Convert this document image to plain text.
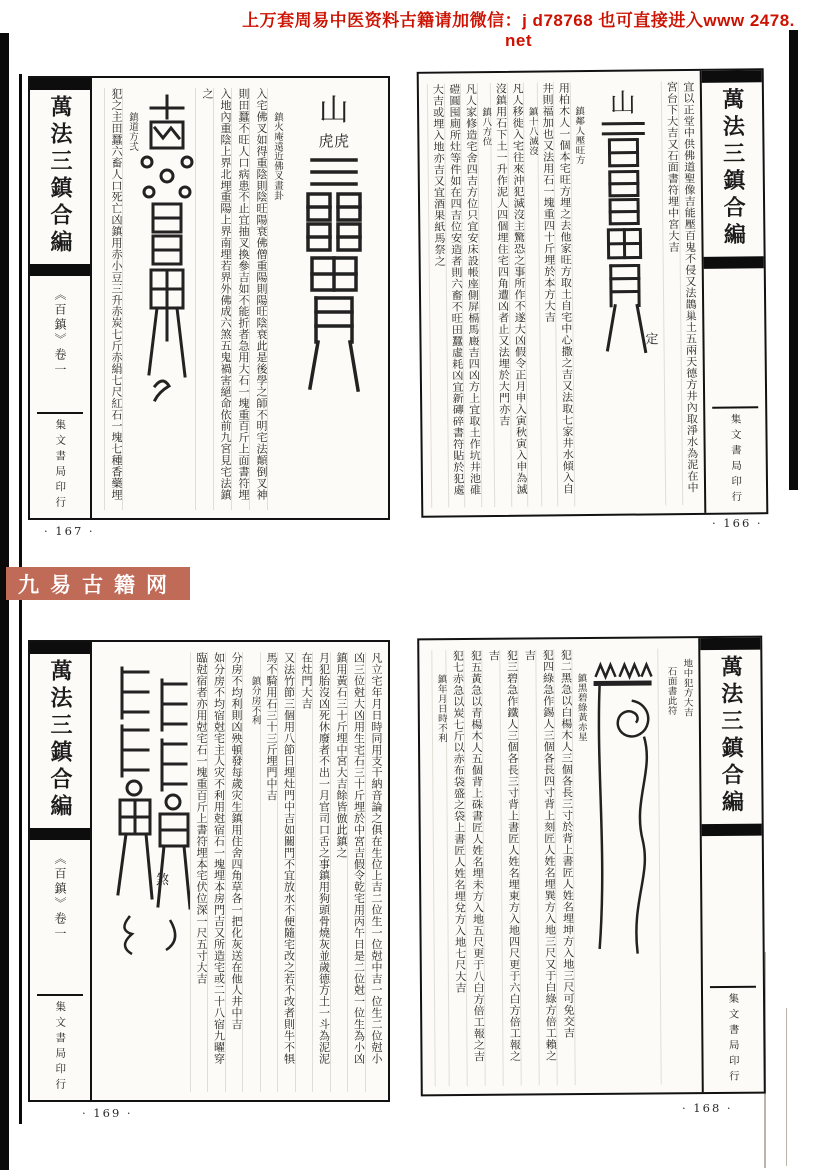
上万套周易中医资料古籍请加微信：j d78768 也可直接进入www 2478. net
九易古籍网
萬法三鎮合編
《百鎮》卷一
集文書局印行
山
虎虎
鎮火庵遠近佛叉畫卦
入宅佛叉如得重陰則陰旺陽衰佛僧重陽則陽旺陰衰此是後學之師不明宅法顛倒叉神
則田蠶不旺人口病患不止宜抽叉換參吉如不能折者急用大石一塊重百斤上面書符埋
入地內重陰上界北埋重陽上界南埋若界外佛成六煞五鬼禍害絕命依前九宮見宅法鎮
之
鎮道方弍
犯之主田蠶六畜人口死亡凶鎮用赤小豆三升赤炭七斤赤絹七尺紅石一塊七種香藥埋
· 167 ·
宜以正堂中供佛道聖像吉能壓百鬼不侵又法鵲巢土五兩天德方井內取淨水為泥在中
宮台下大吉又石面書符埋中宮大吉
山
定
鎮鄰人壓旺方
用柏木人一個本宅旺方埋之去他家旺方取土自宅中心撒之吉又法取七家井水傾入自
井則福加也又法用石一塊重四十斤埋於本方大吉
鎮十八滅沒
凡人移徙入宅往來沖犯滅沒主驚恐之事所作不遂大凶假令正月申入寅秋寅入申為滅
沒鎮用石下土一升作泥人四個埋住宅四角遭凶者止又法埋於大門亦吉
鎮八方位
凡人家修造宅舍四吉方位只宜安床設帳座側屏槅馬廄吉四凶方上宜取土作坑井池碓
磑圓囤廁所灶等件如在四吉位安造者則六畜不旺田蠶虛耗凶宜新磚碎書符貼於犯處
大吉或埋入地亦吉又宜酒果紙馬祭之	萬法三鎮合編
集文書局印行
· 166 ·
萬法三鎮合編
《百鎮》卷一
集文書局印行	凡立宅年月日時同用支干納音論之俱在生位上吉二位生一位尅中吉一位生二位尅小
凶三位尅大凶用生宅石三十斤埋於中宮吉假令乾宅用丙午日是二位尅一位生為小凶
鎮用黃石三十斤埋中宮大吉餘皆倣此鎮之
月犯胎沒凶死休廢者不出一月官司口舌之事鎮用狗頭骨燒灰並歲德方土一斗為泥泥
在灶門大吉
又法竹節三個用八節日埋灶門中吉如關門不宜放水不便隨宅改之若不改者則牛不犋
馬不騎用石三十三斤埋門中吉
鎮分房不利
分房不均利則凶殃頓發每歲灾生鎮用住舍四角草各一把化灰送在他人井中吉
如分房不均宿尅宅主人灾不利用尅宿石一塊埋本房門吉又所造宅或二十八宿九曜穿
臨尅宿者亦用尅宅石一塊重百斤上書符埋本宅伏位深一尺五寸大吉
煞
· 169 ·
地中犯方大吉
石面書此符
鎮黑碧綠黃赤星
犯二黑急以白楊木人三個各長三寸於背上書匠人姓名埋坤方入地三尺可免交吉
犯四綠急作錫人三個各長四寸背上刻匠人姓名埋巽方入地三尺又于白綠方倍工賴之
吉
犯三碧急作鐵人三個各長三寸背上書匠人姓名埋東方入地四尺更于六白方倍工報之
吉
犯五黃急以青楊木人五個背上硃書匠人姓名埋未方入地五尺更于八白方倍工報之吉
犯七赤急以炭七斤以赤布袋盛之袋上書匠人姓名埋兌方入地七尺大吉
鎮年月日時不利	萬法三鎮合編
集文書局印行
· 168 ·
